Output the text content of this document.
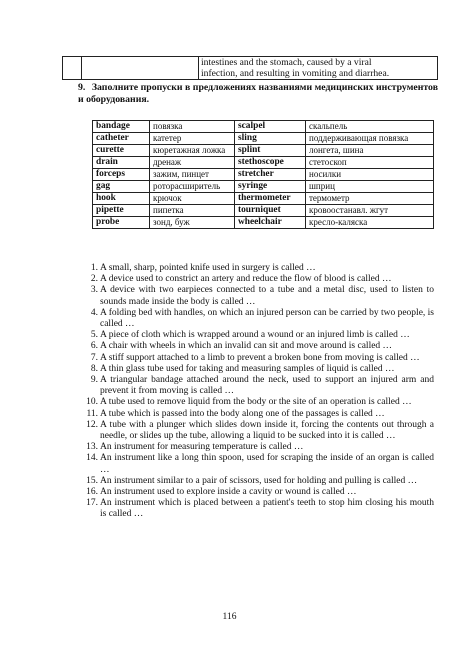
		intestines and the stomach, caused by a viral
infection, and resulting in vomiting and diarrhea.
9. Заполните пропуски в предложениях названиями медицинских инструментов и оборудования.
bandage	повязка	scalpel	скальпель
catheter	катетер	sling	поддерживающая повязка
curette	кюретажная ложка	splint	лонгета, шина
drain	дренаж	stethoscope	стетоскоп
forceps	зажим, пинцет	stretcher	носилки
gag	роторасширитель	syringe	шприц
hook	крючок	thermometer	термометр
pipette	пипетка	tourniquet	кровоостанавл. жгут
probe	зонд, буж	wheelchair	кресло-каляска
1. A small, sharp, pointed knife used in surgery is called …
2. A device used to constrict an artery and reduce the flow of blood is called …
3. A device with two earpieces connected to a tube and a metal disc, used to listen to sounds made inside the body is called …
4. A folding bed with handles, on which an injured person can be carried by two people, is called …
5. A piece of cloth which is wrapped around a wound or an injured limb is called …
6. A chair with wheels in which an invalid can sit and move around is called …
7. A stiff support attached to a limb to prevent a broken bone from moving is called …
8. A thin glass tube used for taking and measuring samples of liquid is called …
9. A triangular bandage attached around the neck, used to support an injured arm and prevent it from moving is called …
10. A tube used to remove liquid from the body or the site of an operation is called …
11. A tube which is passed into the body along one of the passages is called …
12. A tube with a plunger which slides down inside it, forcing the contents out through a needle, or slides up the tube, allowing a liquid to be sucked into it is called …
13. An instrument for measuring temperature is called …
14. An instrument like a long thin spoon, used for scraping the inside of an organ is called …
15. An instrument similar to a pair of scissors, used for holding and pulling is called …
16. An instrument used to explore inside a cavity or wound is called …
17. An instrument which is placed between a patient's teeth to stop him closing his mouth is called …
116
